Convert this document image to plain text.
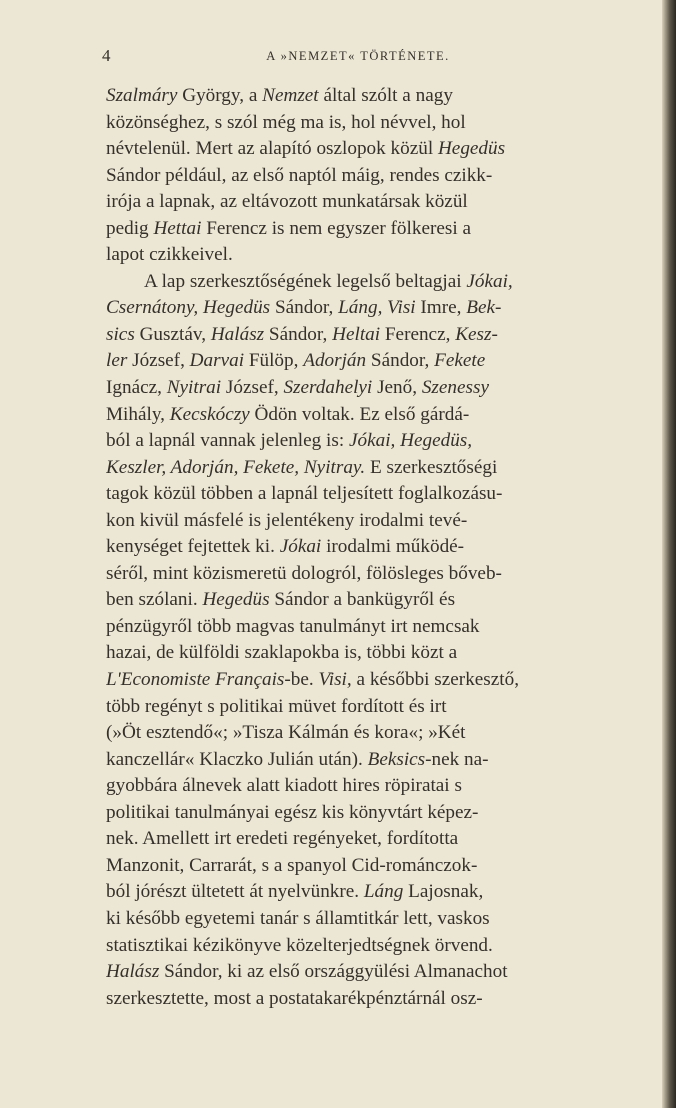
4	A »NEMZET« TÖRTÉNETE.
Szalmáry György, a Nemzet által szólt a nagy
közönséghez, s szól még ma is, hol névvel, hol
névtelenül. Mert az alapító oszlopok közül Hegedüs
Sándor például, az első naptól máig, rendes czikk-
irója a lapnak, az eltávozott munkatársak közül
pedig Hettai Ferencz is nem egyszer fölkeresi a
lapot czikkeivel.
A lap szerkesztőségének legelső beltagjai Jókai,
Csernátony, Hegedüs Sándor, Láng, Visi Imre, Bek-
sics Gusztáv, Halász Sándor, Heltai Ferencz, Kesz-
ler József, Darvai Fülöp, Adorján Sándor, Fekete
Ignácz, Nyitrai József, Szerdahelyi Jenő, Szenessy
Mihály, Kecskóczy Ödön voltak. Ez első gárdá-
ból a lapnál vannak jelenleg is: Jókai, Hegedüs,
Keszler, Adorján, Fekete, Nyitray. E szerkesztőségi
tagok közül többen a lapnál teljesített foglalkozásu-
kon kivül másfelé is jelentékeny irodalmi tevé-
kenységet fejtettek ki. Jókai irodalmi működé-
séről, mint közismeretü dologról, fölösleges bőveb-
ben szólani. Hegedüs Sándor a bankügyről és
pénzügyről több magvas tanulmányt irt nemcsak
hazai, de külföldi szaklapokba is, többi közt a
L'Economiste Français-be. Visi, a későbbi szerkesztő,
több regényt s politikai müvet fordított és irt
(»Öt esztendő«; »Tisza Kálmán és kora«; »Két
kanczellár« Klaczko Julián után). Beksics-nek na-
gyobbára álnevek alatt kiadott hires röpiratai s
politikai tanulmányai egész kis könyvtárt képez-
nek. Amellett irt eredeti regényeket, fordította
Manzonit, Carrarát, s a spanyol Cid-románczok-
ból jórészt ültetett át nyelvünkre. Láng Lajosnak,
ki később egyetemi tanár s államtitkár lett, vaskos
statisztikai kézikönyve közelterjedtségnek örvend.
Halász Sándor, ki az első országgyülési Almanachot
szerkesztette, most a postatakarékpénztárnál osz-
